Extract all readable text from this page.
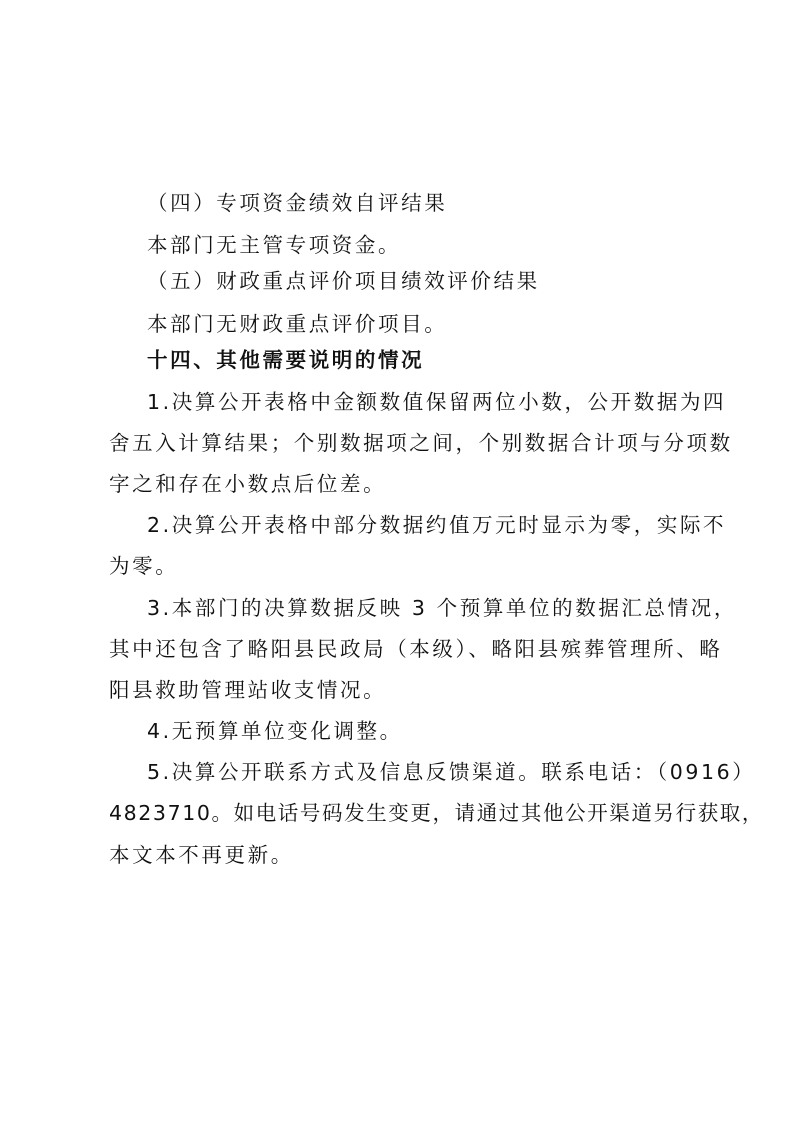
（四）专项资金绩效自评结果
本部门无主管专项资金。
（五）财政重点评价项目绩效评价结果
本部门无财政重点评价项目。
十四、其他需要说明的情况
1.决算公开表格中金额数值保留两位小数，公开数据为四
舍五入计算结果；个别数据项之间，个别数据合计项与分项数
字之和存在小数点后位差。
2.决算公开表格中部分数据约值万元时显示为零，实际不
为零。
3.本部门的决算数据反映 3 个预算单位的数据汇总情况，
其中还包含了略阳县民政局（本级）、略阳县殡葬管理所、略
阳县救助管理站收支情况。
4.无预算单位变化调整。
5.决算公开联系方式及信息反馈渠道。联系电话：（0916）
4823710。如电话号码发生变更，请通过其他公开渠道另行获取，
本文本不再更新。
